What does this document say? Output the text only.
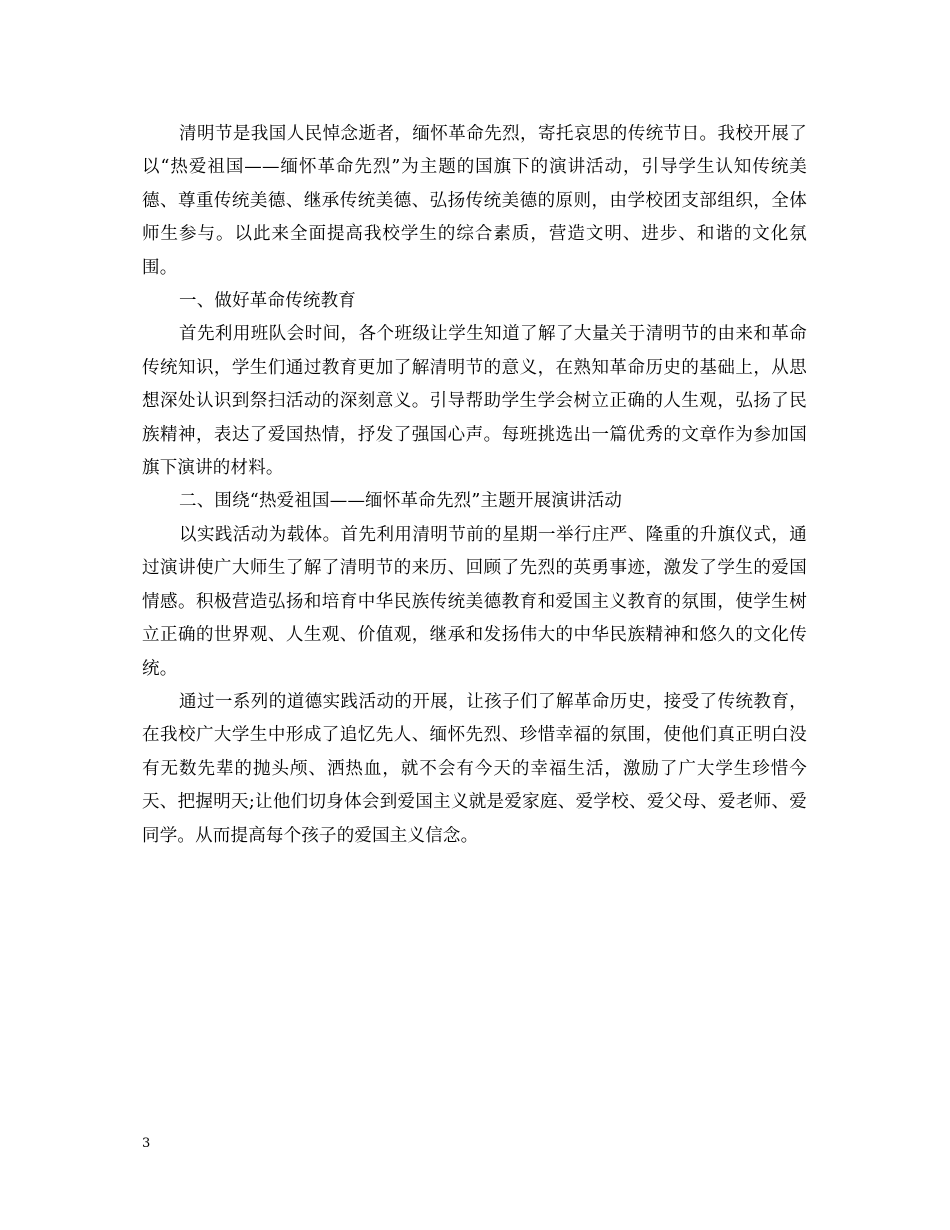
清明节是我国人民悼念逝者，缅怀革命先烈，寄托哀思的传统节日。我校开展了以“热爱祖国——缅怀革命先烈”为主题的国旗下的演讲活动，引导学生认知传统美德、尊重传统美德、继承传统美德、弘扬传统美德的原则，由学校团支部组织，全体师生参与。以此来全面提高我校学生的综合素质，营造文明、进步、和谐的文化氛围。

一、做好革命传统教育

首先利用班队会时间，各个班级让学生知道了解了大量关于清明节的由来和革命传统知识，学生们通过教育更加了解清明节的意义，在熟知革命历史的基础上，从思想深处认识到祭扫活动的深刻意义。引导帮助学生学会树立正确的人生观，弘扬了民族精神，表达了爱国热情，抒发了强国心声。每班挑选出一篇优秀的文章作为参加国旗下演讲的材料。

二、围绕“热爱祖国——缅怀革命先烈”主题开展演讲活动

以实践活动为载体。首先利用清明节前的星期一举行庄严、隆重的升旗仪式，通过演讲使广大师生了解了清明节的来历、回顾了先烈的英勇事迹，激发了学生的爱国情感。积极营造弘扬和培育中华民族传统美德教育和爱国主义教育的氛围，使学生树立正确的世界观、人生观、价值观，继承和发扬伟大的中华民族精神和悠久的文化传统。

通过一系列的道德实践活动的开展，让孩子们了解革命历史，接受了传统教育，在我校广大学生中形成了追忆先人、缅怀先烈、珍惜幸福的氛围，使他们真正明白没有无数先辈的抛头颅、洒热血，就不会有今天的幸福生活，激励了广大学生珍惜今天、把握明天;让他们切身体会到爱国主义就是爱家庭、爱学校、爱父母、爱老师、爱同学。从而提高每个孩子的爱国主义信念。

3
